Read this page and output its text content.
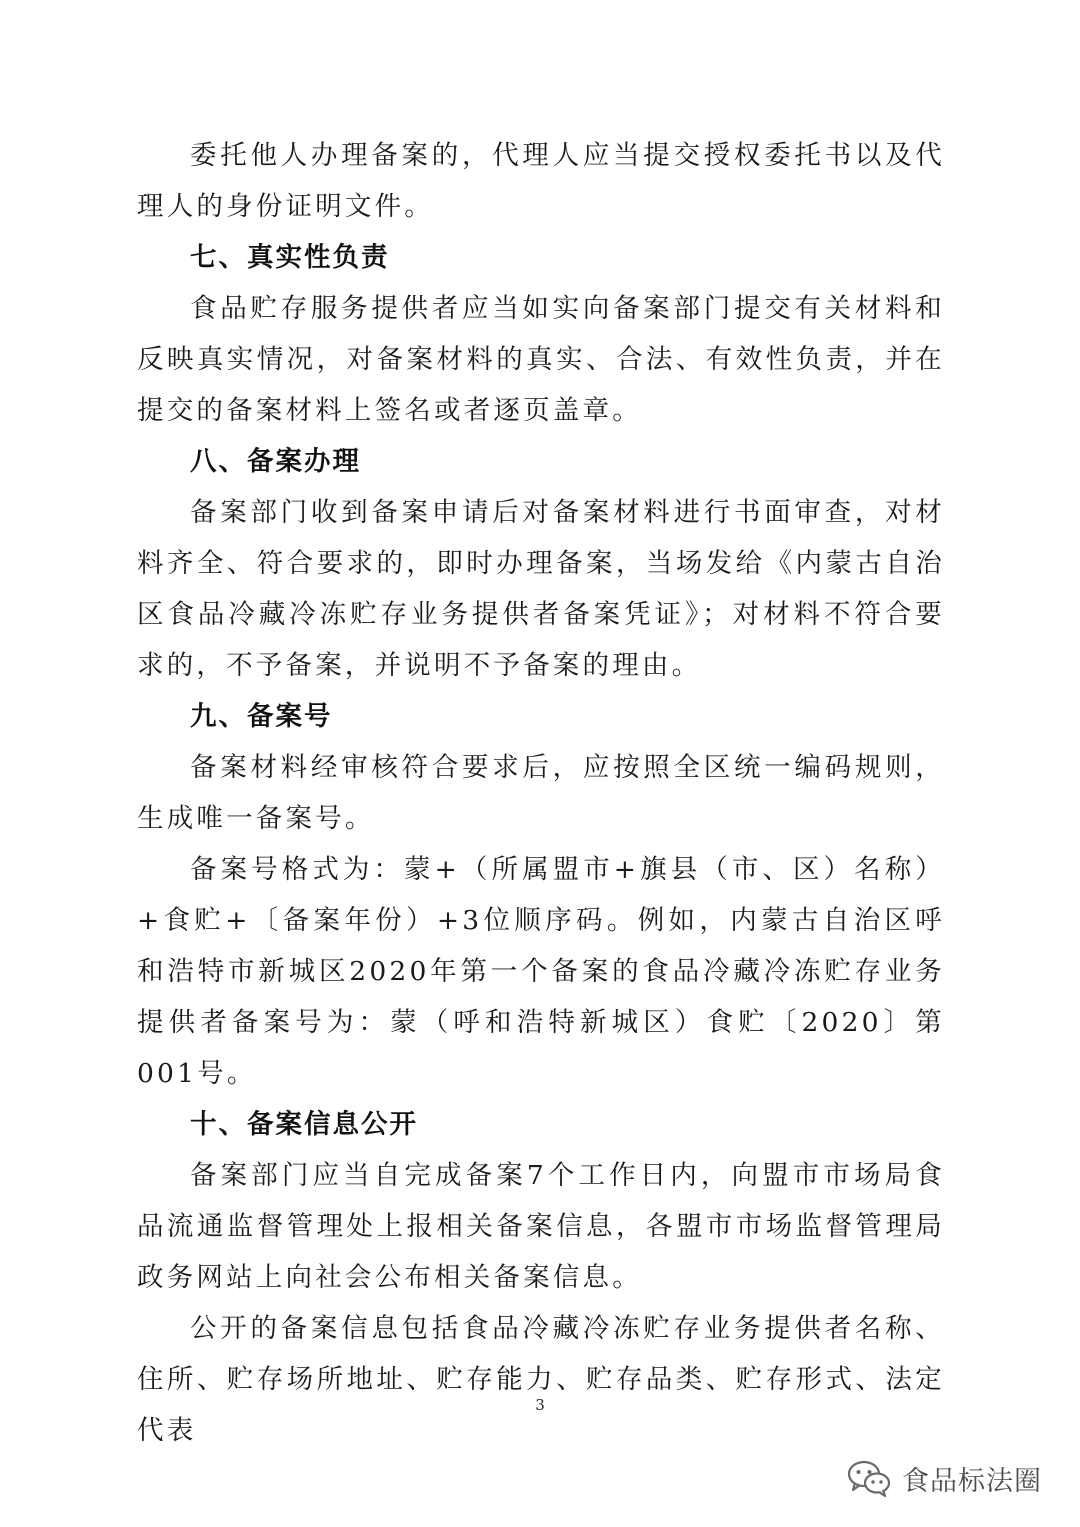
委托他人办理备案的，代理人应当提交授权委托书以及代理人的身份证明文件。

七、真实性负责

食品贮存服务提供者应当如实向备案部门提交有关材料和反映真实情况，对备案材料的真实、合法、有效性负责，并在提交的备案材料上签名或者逐页盖章。

八、备案办理

备案部门收到备案申请后对备案材料进行书面审查，对材料齐全、符合要求的，即时办理备案，当场发给《内蒙古自治区食品冷藏冷冻贮存业务提供者备案凭证》；对材料不符合要求的，不予备案，并说明不予备案的理由。

九、备案号

备案材料经审核符合要求后，应按照全区统一编码规则，生成唯一备案号。

备案号格式为：蒙+（所属盟市+旗县（市、区）名称）+食贮+〔备案年份）+3位顺序码。例如，内蒙古自治区呼和浩特市新城区2020年第一个备案的食品冷藏冷冻贮存业务提供者备案号为：蒙（呼和浩特新城区）食贮〔2020〕第001号。

十、备案信息公开

备案部门应当自完成备案7个工作日内，向盟市市场局食品流通监督管理处上报相关备案信息，各盟市市场监督管理局政务网站上向社会公布相关备案信息。

公开的备案信息包括食品冷藏冷冻贮存业务提供者名称、住所、贮存场所地址、贮存能力、贮存品类、贮存形式、法定代表

3
食品标法圈
